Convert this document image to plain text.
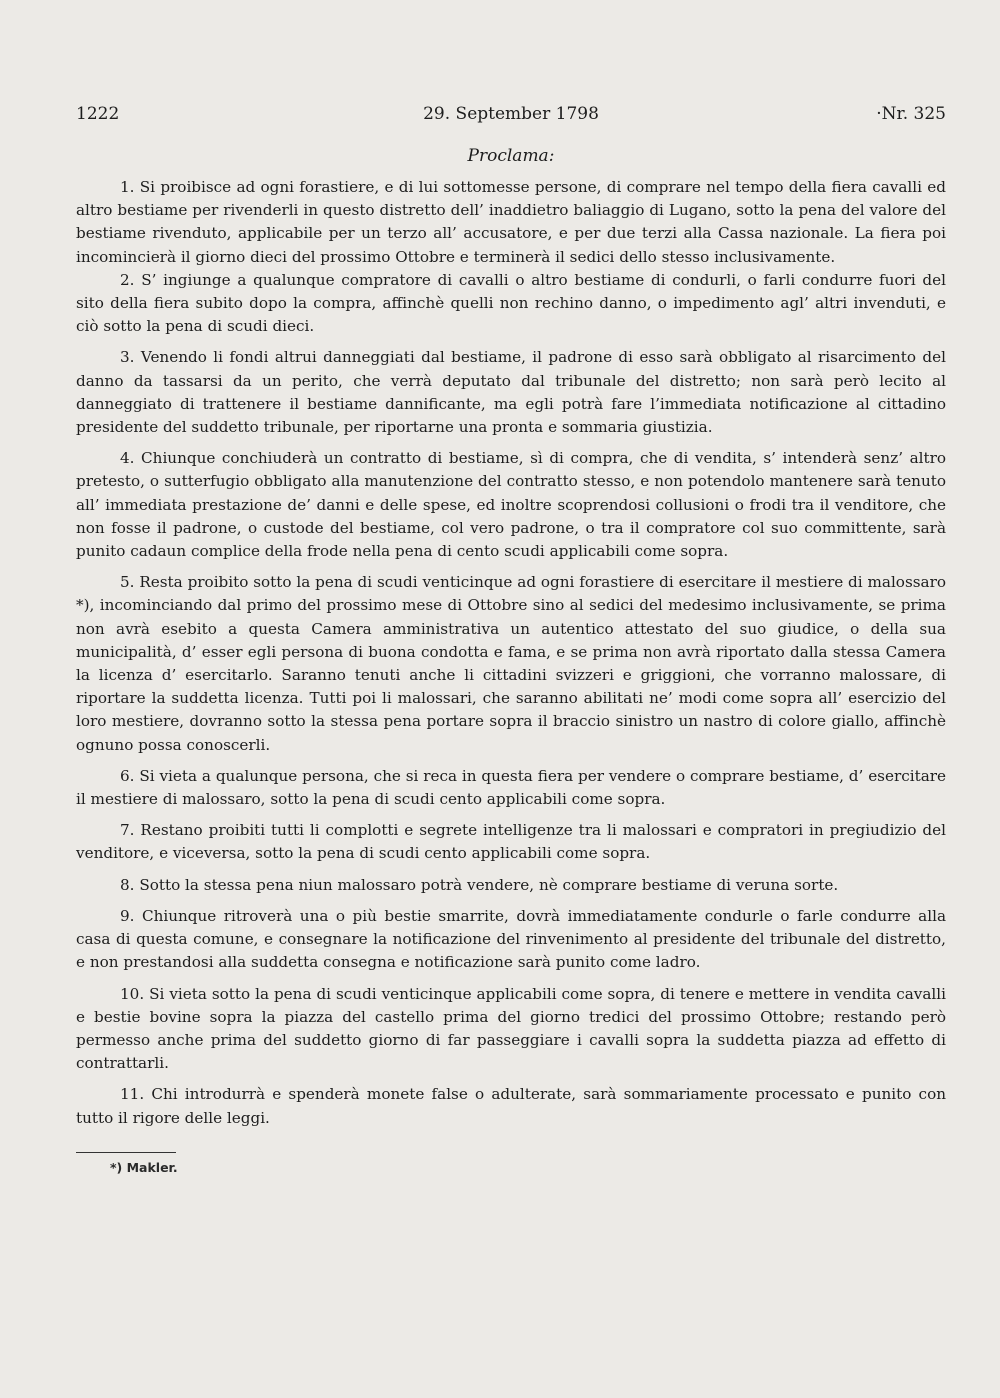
1222	29. September 1798	·Nr. 325
Proclama:

1. Si proibisce ad ogni forastiere, e di lui sottomesse persone, di comprare nel tempo della fiera cavalli ed altro bestiame per rivenderli in questo distretto dell’ inaddietro baliaggio di Lugano, sotto la pena del valore del bestiame rivenduto, applicabile per un terzo all’ accusatore, e per due terzi alla Cassa nazionale. La fiera poi incomincierà il giorno dieci del prossimo Ottobre e terminerà il sedici dello stesso inclusivamente.

2. S’ ingiunge a qualunque compratore di cavalli o altro bestiame di condurli, o farli condurre fuori del sito della fiera subito dopo la compra, affinchè quelli non rechino danno, o impedimento agl’ altri invenduti, e ciò sotto la pena di scudi dieci.

3. Venendo li fondi altrui danneggiati dal bestiame, il padrone di esso sarà obbligato al risarcimento del danno da tassarsi da un perito, che verrà deputato dal tribunale del distretto; non sarà però lecito al danneggiato di trattenere il bestiame dannificante, ma egli potrà fare l’immediata notificazione al cittadino presidente del suddetto tribunale, per riportarne una pronta e sommaria giustizia.

4. Chiunque conchiuderà un contratto di bestiame, sì di compra, che di vendita, s’ intenderà senz’ altro pretesto, o sutterfugio obbligato alla manutenzione del contratto stesso, e non potendolo mantenere sarà tenuto all’ immediata prestazione de’ danni e delle spese, ed inoltre scoprendosi collusioni o frodi tra il venditore, che non fosse il padrone, o custode del bestiame, col vero padrone, o tra il compratore col suo committente, sarà punito cadaun complice della frode nella pena di cento scudi applicabili come sopra.

5. Resta proibito sotto la pena di scudi venticinque ad ogni forastiere di esercitare il mestiere di malossaro *), incominciando dal primo del prossimo mese di Ottobre sino al sedici del medesimo inclusivamente, se prima non avrà esebito a questa Camera amministrativa un autentico attestato del suo giudice, o della sua municipalità, d’ esser egli persona di buona condotta e fama, e se prima non avrà riportato dalla stessa Camera la licenza d’ esercitarlo. Saranno tenuti anche li cittadini svizzeri e griggioni, che vorranno malossare, di riportare la suddetta licenza. Tutti poi li malossari, che saranno abilitati ne’ modi come sopra all’ esercizio del loro mestiere, dovranno sotto la stessa pena portare sopra il braccio sinistro un nastro di colore giallo, affinchè ognuno possa conoscerli.

6. Si vieta a qualunque persona, che si reca in questa fiera per vendere o comprare bestiame, d’ esercitare il mestiere di malossaro, sotto la pena di scudi cento applicabili come sopra.

7. Restano proibiti tutti li complotti e segrete intelligenze tra li malossari e compratori in pregiudizio del venditore, e viceversa, sotto la pena di scudi cento applicabili come sopra.

8. Sotto la stessa pena niun malossaro potrà vendere, nè comprare bestiame di veruna sorte.

9. Chiunque ritroverà una o più bestie smarrite, dovrà immediatamente condurle o farle condurre alla casa di questa comune, e consegnare la notificazione del rinvenimento al presidente del tribunale del distretto, e non prestandosi alla suddetta consegna e notificazione sarà punito come ladro.

10. Si vieta sotto la pena di scudi venticinque applicabili come sopra, di tenere e mettere in vendita cavalli e bestie bovine sopra la piazza del castello prima del giorno tredici del prossimo Ottobre; restando però permesso anche prima del suddetto giorno di far passeggiare i cavalli sopra la suddetta piazza ad effetto di contrattarli.

11. Chi introdurrà e spenderà monete false o adulterate, sarà sommariamente processato e punito con tutto il rigore delle leggi.

*) Makler.
